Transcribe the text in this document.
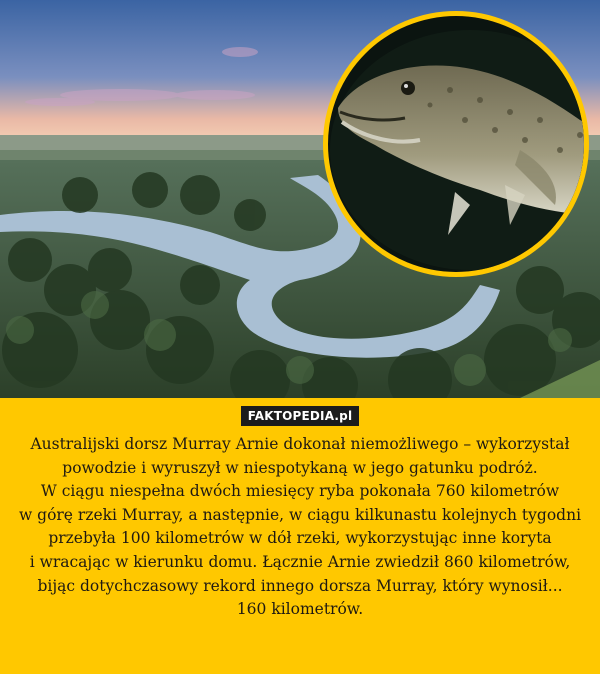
FAKTOPEDIA.pl
Australijski dorsz Murray Arnie dokonał niemożliwego – wykorzystał
powodzie i wyruszył w niespotykaną w jego gatunku podróż.
W ciągu niespełna dwóch miesięcy ryba pokonała 760 kilometrów
w górę rzeki Murray, a następnie, w ciągu kilkunastu kolejnych tygodni
przebyła 100 kilometrów w dół rzeki, wykorzystując inne koryta
i wracając w kierunku domu. Łącznie Arnie zwiedził 860 kilometrów,
bijąc dotychczasowy rekord innego dorsza Murray, który wynosił...
160 kilometrów.
